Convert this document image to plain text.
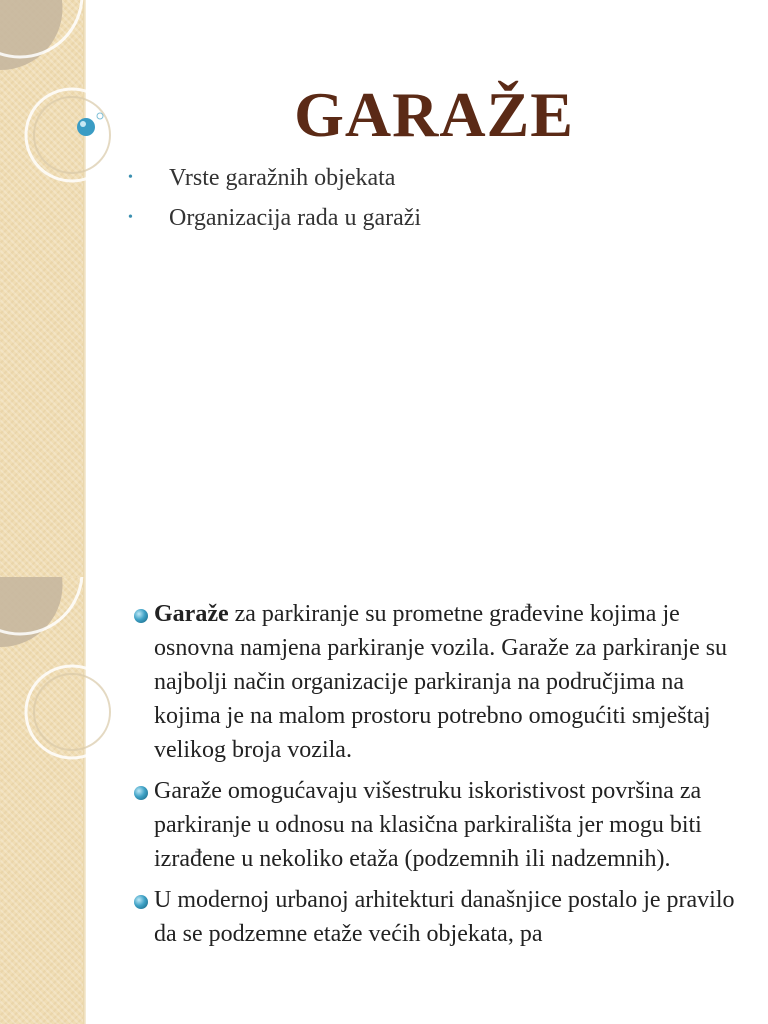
GARAŽE
• Vrste garažnih objekata
• Organizacija rada u garaži
Garaže za parkiranje su prometne građevine kojima je osnovna namjena parkiranje vozila. Garaže za parkiranje su najbolji način organizacije parkiranja na područjima na kojima je na malom prostoru potrebno omogućiti smještaj velikog broja vozila.
Garaže omogućavaju višestruku iskoristivost površina za parkiranje u odnosu na klasična parkirališta jer mogu biti izrađene u nekoliko etaža (podzemnih ili nadzemnih).
U modernoj urbanoj arhitekturi današnjice postalo je pravilo da se podzemne etaže većih objekata, pa
